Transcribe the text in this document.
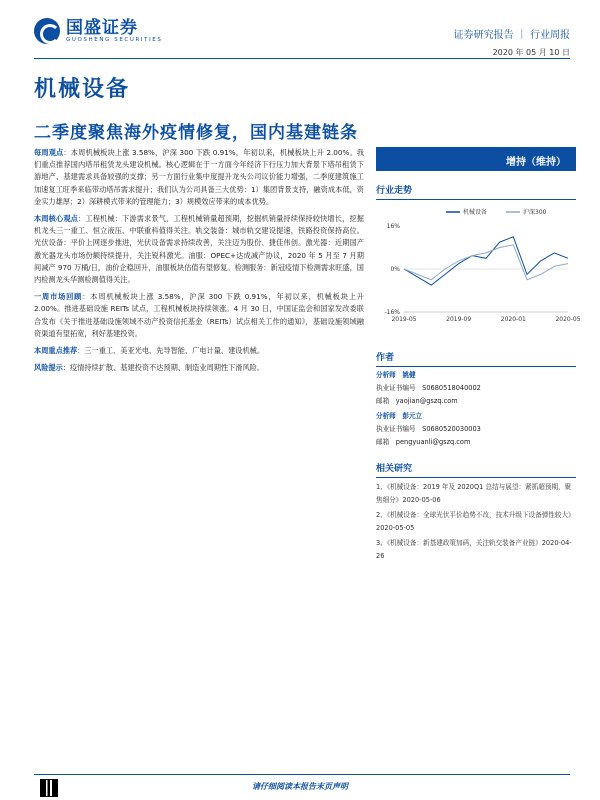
国盛证券
GUOSHENG SECURITIES	证券研究报告 ｜ 行业周报
2020 年 05 月 10 日
机械设备
二季度聚焦海外疫情修复，国内基建链条

每周观点：本周机械板块上涨 3.58%，沪深 300 下跌 0.91%，年初以来，机械板块上升 2.00%。我们重点推荐国内塔吊租赁龙头建设机械。核心逻辑在于一方面今年经济下行压力加大背景下塔吊租赁下游地产、基建需求具备较强的支撑；另一方面行业集中度提升龙头公司议价能力增强，二季度建筑施工加速复工旺季来临带动塔吊需求提升；我们认为公司具备三大优势：1）集团背景支持，融资成本低，资金实力雄厚；2）深耕模式带来的管理能力；3）规模效应带来的成本优势。

本周核心观点：工程机械：下游需求景气，工程机械销量超预期，挖掘机销量持续保持较快增长，挖掘机龙头三一重工、恒立液压、中联重科值得关注。轨交装备：城市轨交建设提速，铁路投资保持高位。光伏设备：平价上网逐步推进，光伏设备需求持续改善，关注迈为股份、捷佳伟创。激光器：近期国产激光器龙头市场份额持续提升，关注锐科激光。油服：OPEC+达成减产协议，2020 年 5 月至 7 月期间减产 970 万桶/日，油价企稳回升，油服板块估值有望修复。检测服务：新冠疫情下检测需求旺盛，国内检测龙头华测检测值得关注。

一周市场回顾：本周机械板块上涨 3.58%，沪深 300 下跌 0.91%，年初以来，机械板块上升 2.00%。推进基础设施 REITs 试点，工程机械板块持续领涨。4 月 30 日，中国证监会和国家发改委联合发布《关于推进基础设施领域不动产投资信托基金（REITs）试点相关工作的通知》，基础设施领域融资渠道有望拓宽，利好基建投资。

本周重点推荐：三一重工、美亚光电、先导智能、广电计量、建设机械。

风险提示：疫情持续扩散、基建投资不达预期、制造业周期性下滑风险。

增持（维持）
行业走势
16%
0%
-16%
2019-05	2019-09	2020-01	2020-05
机械设备	沪深300
作者
分析师　 姚健
执业证书编号　 S0680518040002
邮箱　 yaojian@gszq.com
分析师　 彭元立
执业证书编号　 S0680520030003
邮箱　 pengyuanli@gszq.com
相关研究
1、《机械设备：2019 年及 2020Q1 总结与展望：紧抓超预期，聚焦细分》2020-05-06
2、《机械设备：全球光伏平价趋势不改，技术升级下设备弹性较大》2020-05-05
3、《机械设备：新基建政策加码，关注轨交装备产业链》2020-04-26
请仔细阅读本报告末页声明
